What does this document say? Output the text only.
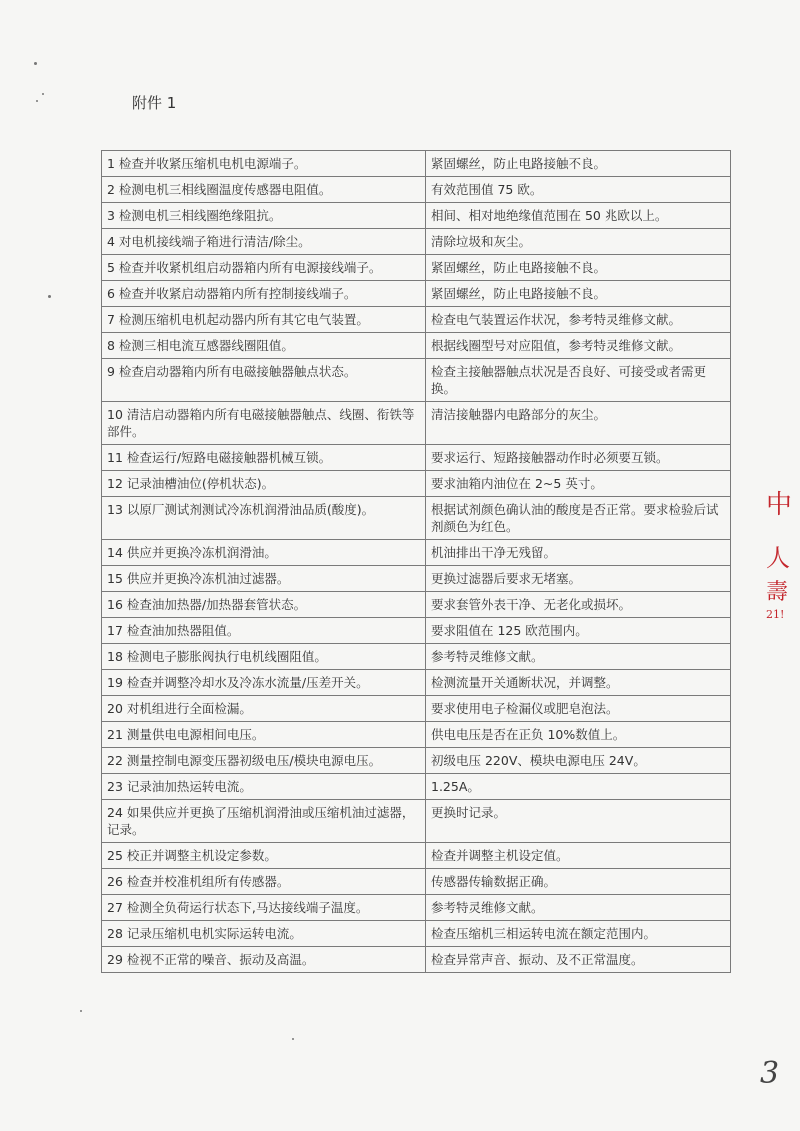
附件 1
1 检查并收紧压缩机电机电源端子。	紧固螺丝，防止电路接触不良。
2 检测电机三相线圈温度传感器电阻值。	有效范围值 75 欧。
3 检测电机三相线圈绝缘阻抗。	相间、相对地绝缘值范围在 50 兆欧以上。
4 对电机接线端子箱进行清洁/除尘。	清除垃圾和灰尘。
5 检查并收紧机组启动器箱内所有电源接线端子。	紧固螺丝，防止电路接触不良。
6 检查并收紧启动器箱内所有控制接线端子。	紧固螺丝，防止电路接触不良。
7 检测压缩机电机起动器内所有其它电气装置。	检查电气装置运作状况，参考特灵维修文献。
8 检测三相电流互感器线圈阻值。	根据线圈型号对应阻值，参考特灵维修文献。
9 检查启动器箱内所有电磁接触器触点状态。	检查主接触器触点状况是否良好、可接受或者需更换。
10 清洁启动器箱内所有电磁接触器触点、线圈、衔铁等部件。	清洁接触器内电路部分的灰尘。
11 检查运行/短路电磁接触器机械互锁。	要求运行、短路接触器动作时必须要互锁。
12 记录油槽油位(停机状态)。	要求油箱内油位在 2~5 英寸。
13 以原厂测试剂测试冷冻机润滑油品质(酸度)。	根据试剂颜色确认油的酸度是否正常。要求检验后试剂颜色为红色。
14 供应并更换冷冻机润滑油。	机油排出干净无残留。
15 供应并更换冷冻机油过滤器。	更换过滤器后要求无堵塞。
16 检查油加热器/加热器套管状态。	要求套管外表干净、无老化或损坏。
17 检查油加热器阻值。	要求阻值在 125 欧范围内。
18 检测电子膨胀阀执行电机线圈阻值。	参考特灵维修文献。
19 检查并调整冷却水及冷冻水流量/压差开关。	检测流量开关通断状况，并调整。
20 对机组进行全面检漏。	要求使用电子检漏仪或肥皂泡法。
21 测量供电电源相间电压。	供电电压是否在正负 10%数值上。
22 测量控制电源变压器初级电压/模块电源电压。	初级电压 220V、模块电源电压 24V。
23 记录油加热运转电流。	1.25A。
24 如果供应并更换了压缩机润滑油或压缩机油过滤器，记录。	更换时记录。
25 校正并调整主机设定参数。	检查并调整主机设定值。
26 检查并校准机组所有传感器。	传感器传输数据正确。
27 检测全负荷运行状态下,马达接线端子温度。	参考特灵维修文献。
28 记录压缩机电机实际运转电流。	检查压缩机三相运转电流在额定范围内。
29 检视不正常的噪音、振动及高温。	检查异常声音、振动、及不正常温度。
中
人
壽
21!
3
